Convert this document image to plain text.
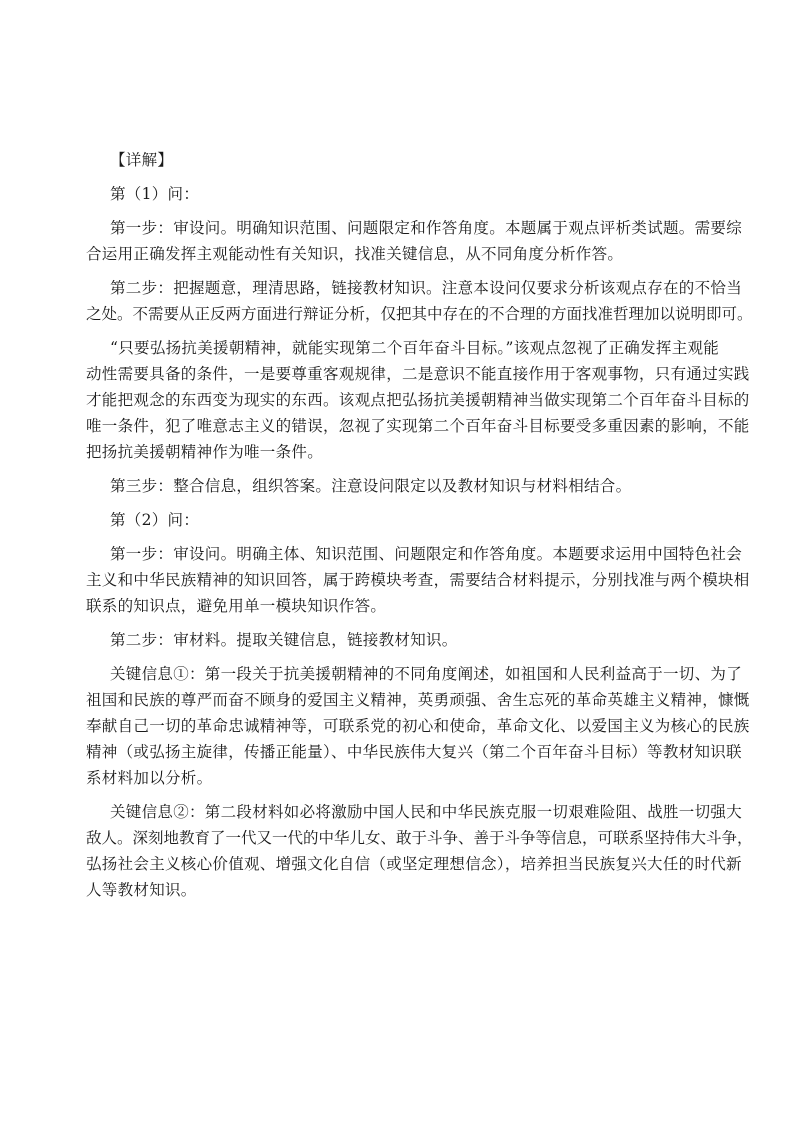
【详解】
第（1）问：
第一步：审设问。明确知识范围、问题限定和作答角度。本题属于观点评析类试题。需要综
合运用正确发挥主观能动性有关知识，找准关键信息，从不同角度分析作答。
第二步：把握题意，理清思路，链接教材知识。注意本设问仅要求分析该观点存在的不恰当
之处。不需要从正反两方面进行辩证分析，仅把其中存在的不合理的方面找准哲理加以说明即可。
“只要弘扬抗美援朝精神，就能实现第二个百年奋斗目标。”该观点忽视了正确发挥主观能
动性需要具备的条件，一是要尊重客观规律，二是意识不能直接作用于客观事物，只有通过实践
才能把观念的东西变为现实的东西。该观点把弘扬抗美援朝精神当做实现第二个百年奋斗目标的
唯一条件，犯了唯意志主义的错误，忽视了实现第二个百年奋斗目标要受多重因素的影响，不能
把扬抗美援朝精神作为唯一条件。
第三步：整合信息，组织答案。注意设问限定以及教材知识与材料相结合。
第（2）问：
第一步：审设问。明确主体、知识范围、问题限定和作答角度。本题要求运用中国特色社会
主义和中华民族精神的知识回答，属于跨模块考查，需要结合材料提示，分别找准与两个模块相
联系的知识点，避免用单一模块知识作答。
第二步：审材料。提取关键信息，链接教材知识。
关键信息①：第一段关于抗美援朝精神的不同角度阐述，如祖国和人民利益高于一切、为了
祖国和民族的尊严而奋不顾身的爱国主义精神，英勇顽强、舍生忘死的革命英雄主义精神，慷慨
奉献自己一切的革命忠诚精神等，可联系党的初心和使命，革命文化、以爱国主义为核心的民族
精神（或弘扬主旋律，传播正能量）、中华民族伟大复兴（第二个百年奋斗目标）等教材知识联
系材料加以分析。
关键信息②：第二段材料如必将激励中国人民和中华民族克服一切艰难险阻、战胜一切强大
敌人。深刻地教育了一代又一代的中华儿女、敢于斗争、善于斗争等信息，可联系坚持伟大斗争，
弘扬社会主义核心价值观、增强文化自信（或坚定理想信念），培养担当民族复兴大任的时代新
人等教材知识。
